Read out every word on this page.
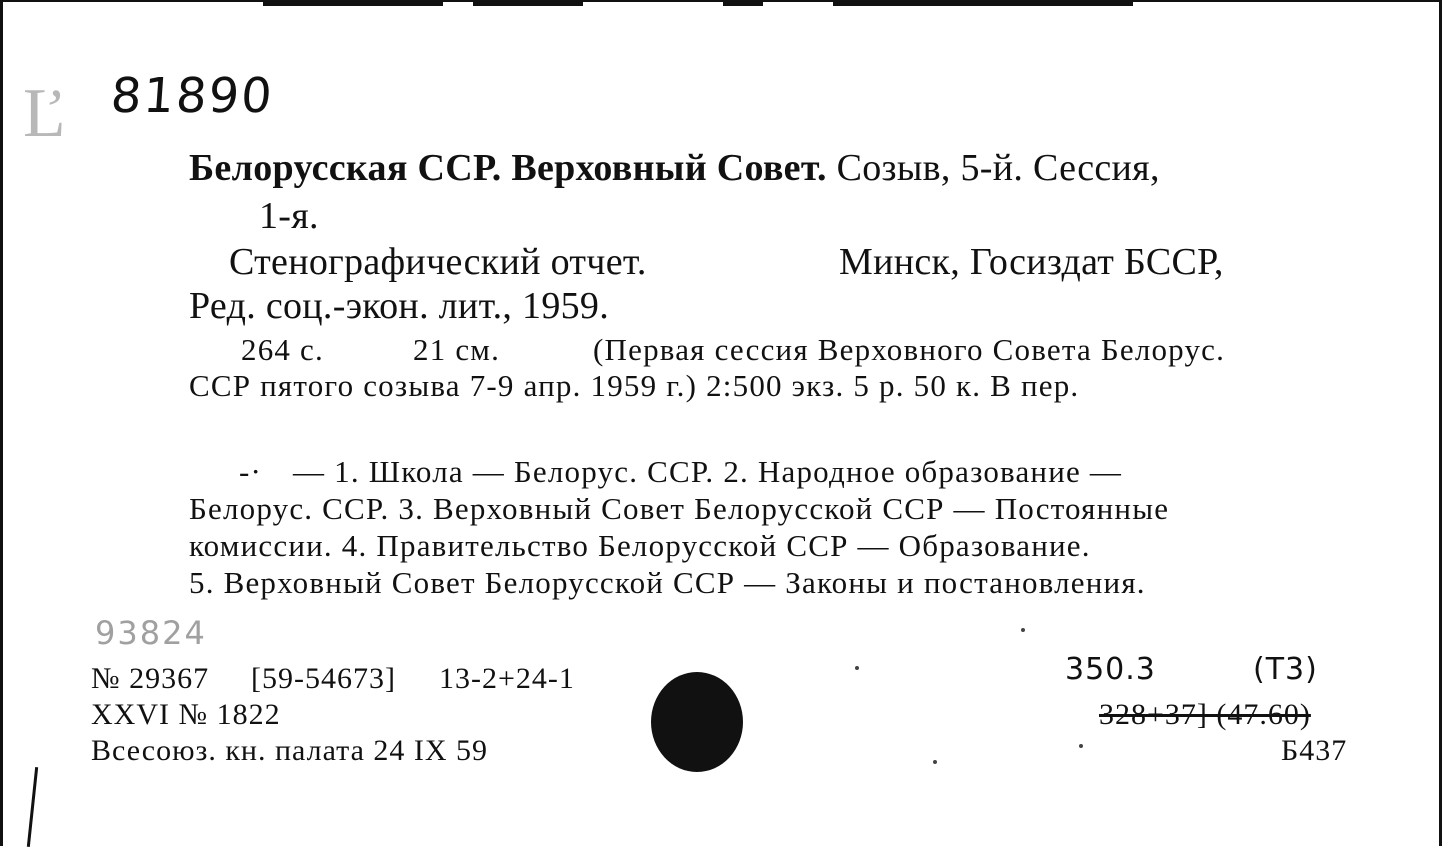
Ľ 81890
Белорусская ССР. Верховный Совет. Созыв, 5-й. Сессия,
1-я.
Стенографический отчет.	Минск, Госиздат БССР,
Ред. соц.-экон. лит., 1959.
264 с.	21 см.	(Первая сессия Верховного Совета Белорус.
ССР пятого созыва 7-9 апр. 1959 г.) 2:500 экз. 5 р. 50 к. В пер.
-· — 1. Школа — Белорус. ССР. 2. Народное образование —
Белорус. ССР. 3. Верховный Совет Белорусской ССР — Постоянные
комиссии. 4. Правительство Белорусской ССР — Образование.
5. Верховный Совет Белорусской ССР — Законы и постановления.
93824
№ 29367 [59-54673] 13-2+24-1
XXVI № 1822
Всесоюз. кн. палата 24 IX 59
350.3	(Т3)
328+37] (47.60)
Б437
